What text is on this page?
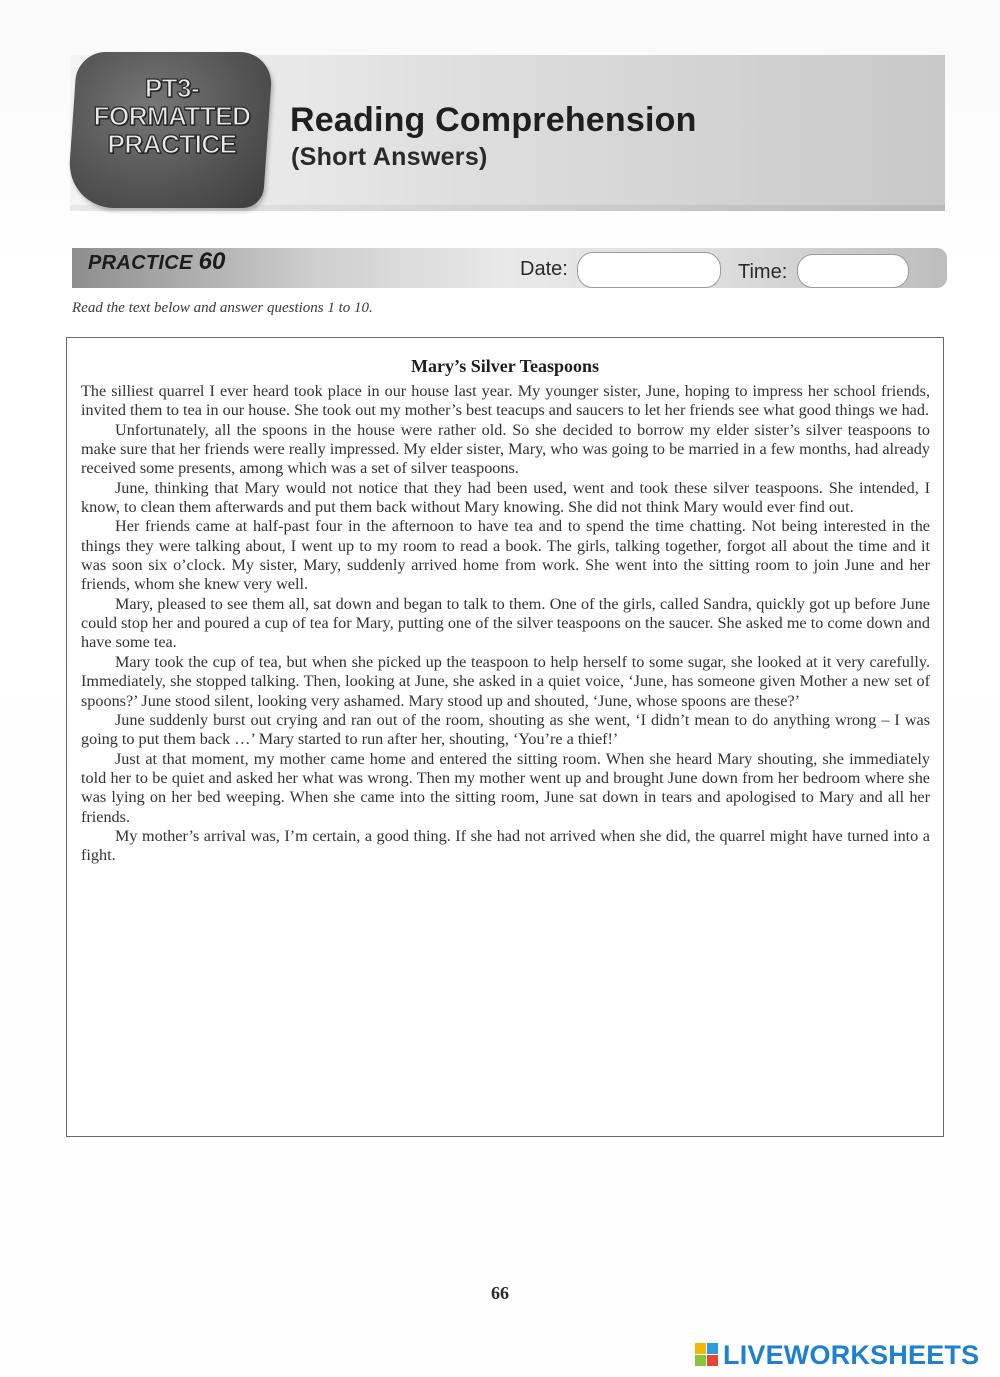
PT3-
FORMATTED
PRACTICE
Reading Comprehension
(Short Answers)
PRACTICE 60	Date:	Time:
Read the text below and answer questions 1 to 10.
Mary’s Silver Teaspoons

The silliest quarrel I ever heard took place in our house last year. My younger sister, June, hoping to impress her school friends, invited them to tea in our house. She took out my mother’s best teacups and saucers to let her friends see what good things we had.

Unfortunately, all the spoons in the house were rather old. So she decided to borrow my elder sister’s silver teaspoons to make sure that her friends were really impressed. My elder sister, Mary, who was going to be married in a few months, had already received some presents, among which was a set of silver teaspoons.

June, thinking that Mary would not notice that they had been used, went and took these silver teaspoons. She intended, I know, to clean them afterwards and put them back without Mary knowing. She did not think Mary would ever find out.

Her friends came at half-past four in the afternoon to have tea and to spend the time chatting. Not being interested in the things they were talking about, I went up to my room to read a book. The girls, talking together, forgot all about the time and it was soon six o’clock. My sister, Mary, suddenly arrived home from work. She went into the sitting room to join June and her friends, whom she knew very well.

Mary, pleased to see them all, sat down and began to talk to them. One of the girls, called Sandra, quickly got up before June could stop her and poured a cup of tea for Mary, putting one of the silver teaspoons on the saucer. She asked me to come down and have some tea.

Mary took the cup of tea, but when she picked up the teaspoon to help herself to some sugar, she looked at it very carefully. Immediately, she stopped talking. Then, looking at June, she asked in a quiet voice, ‘June, has someone given Mother a new set of spoons?’ June stood silent, looking very ashamed. Mary stood up and shouted, ‘June, whose spoons are these?’

June suddenly burst out crying and ran out of the room, shouting as she went, ‘I didn’t mean to do anything wrong – I was going to put them back …’ Mary started to run after her, shouting, ‘You’re a thief!’

Just at that moment, my mother came home and entered the sitting room. When she heard Mary shouting, she immediately told her to be quiet and asked her what was wrong. Then my mother went up and brought June down from her bedroom where she was lying on her bed weeping. When she came into the sitting room, June sat down in tears and apologised to Mary and all her friends.

My mother’s arrival was, I’m certain, a good thing. If she had not arrived when she did, the quarrel might have turned into a fight.

66
LIVEWORKSHEETS
